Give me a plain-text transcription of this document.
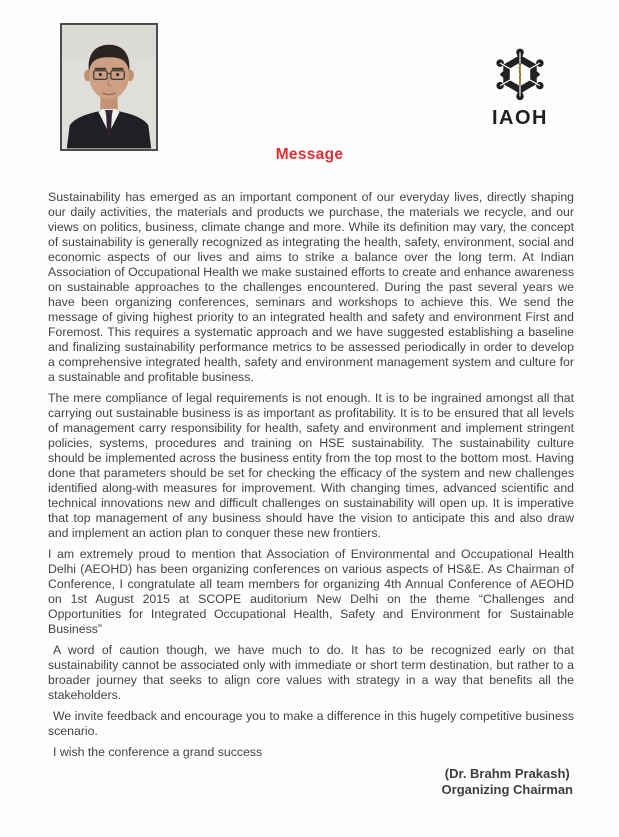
IAOH
Message

Sustainability has emerged as an important component of our everyday lives, directly shaping our daily activities, the materials and products we purchase, the materials we recycle, and our views on politics, business, climate change and more. While its definition may vary, the concept of sustainability is generally recognized as integrating the health, safety, environment, social and economic aspects of our lives and aims to strike a balance over the long term. At Indian Association of Occupational Health we make sustained efforts to create and enhance awareness on sustainable approaches to the challenges encountered. During the past several years we have been organizing conferences, seminars and workshops to achieve this. We send the message of giving highest priority to an integrated health and safety and environment First and Foremost. This requires a systematic approach and we have suggested establishing a baseline and finalizing sustainability performance metrics to be assessed periodically in order to develop a comprehensive integrated health, safety and environment management system and culture for a sustainable and profitable business.

The mere compliance of legal requirements is not enough. It is to be ingrained amongst all that carrying out sustainable business is as important as profitability. It is to be ensured that all levels of management carry responsibility for health, safety and environment and implement stringent policies, systems, procedures and training on HSE sustainability. The sustainability culture should be implemented across the business entity from the top most to the bottom most. Having done that parameters should be set for checking the efficacy of the system and new challenges identified along-with measures for improvement. With changing times, advanced scientific and technical innovations new and difficult challenges on sustainability will open up. It is imperative that top management of any business should have the vision to anticipate this and also draw and implement an action plan to conquer these new frontiers.

I am extremely proud to mention that Association of Environmental and Occupational Health Delhi (AEOHD) has been organizing conferences on various aspects of HS&E. As Chairman of Conference, I congratulate all team members for organizing 4th Annual Conference of AEOHD on 1st August 2015 at SCOPE auditorium New Delhi on the theme “Challenges and Opportunities for Integrated Occupational Health, Safety and Environment for Sustainable Business”

A word of caution though, we have much to do. It has to be recognized early on that sustainability cannot be associated only with immediate or short term destination, but rather to a broader journey that seeks to align core values with strategy in a way that benefits all the stakeholders.

We invite feedback and encourage you to make a difference in this hugely competitive business scenario.

I wish the conference a grand success

(Dr. Brahm Prakash)
Organizing Chairman
